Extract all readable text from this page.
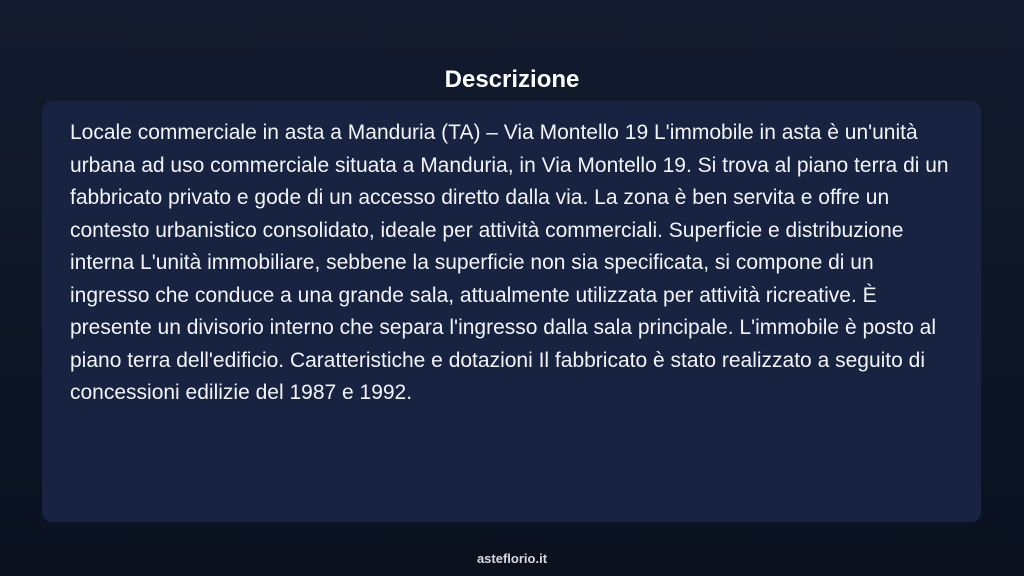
Descrizione

Locale commerciale in asta a Manduria (TA) – Via Montello 19 L'immobile in asta è un'unità urbana ad uso commerciale situata a Manduria, in Via Montello 19. Si trova al piano terra di un fabbricato privato e gode di un accesso diretto dalla via. La zona è ben servita e offre un contesto urbanistico consolidato, ideale per attività commerciali. Superficie e distribuzione interna L'unità immobiliare, sebbene la superficie non sia specificata, si compone di un ingresso che conduce a una grande sala, attualmente utilizzata per attività ricreative. È presente un divisorio interno che separa l'ingresso dalla sala principale. L'immobile è posto al piano terra dell'edificio. Caratteristiche e dotazioni Il fabbricato è stato realizzato a seguito di concessioni edilizie del 1987 e 1992.

asteflorio.it
